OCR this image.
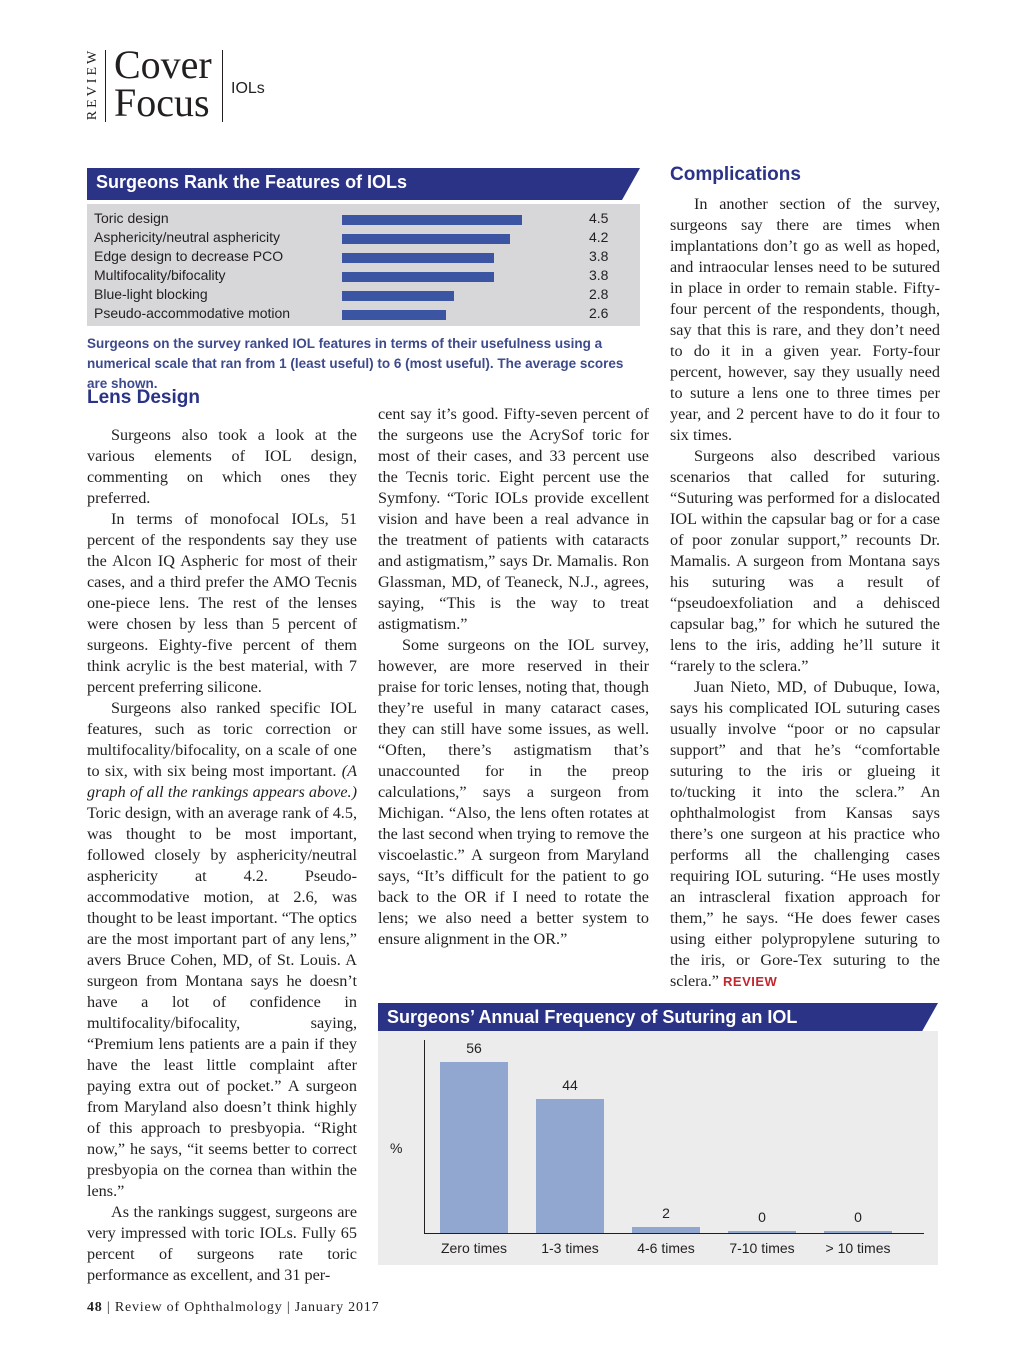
REVIEW Cover
Focus IOLs
Surgeons Rank the Features of IOLs
Toric design	4.5
Asphericity/neutral asphericity	4.2
Edge design to decrease PCO	3.8
Multifocality/bifocality	3.8
Blue-light blocking	2.8
Pseudo-accommodative motion	2.6
Surgeons on the survey ranked IOL features in terms of their usefulness using a numerical scale that ran from 1 (least useful) to 6 (most useful). The average scores are shown.
Lens Design

Surgeons also took a look at the various elements of IOL design, commenting on which ones they preferred.

In terms of monofocal IOLs, 51 percent of the respondents say they use the Alcon IQ Aspheric for most of their cases, and a third prefer the AMO Tecnis one-piece lens. The rest of the lenses were chosen by less than 5 percent of surgeons. Eighty-five percent of them think acrylic is the best material, with 7 percent preferring silicone.

Surgeons also ranked specific IOL features, such as toric correction or multifocality/bifocality, on a scale of one to six, with six being most important. (A graph of all the rankings appears above.) Toric design, with an average rank of 4.5, was thought to be most important, followed closely by asphericity/neutral asphericity at 4.2. Pseudo-accommodative motion, at 2.6, was thought to be least important. “The optics are the most important part of any lens,” avers Bruce Cohen, MD, of St. Louis. A surgeon from Montana says he doesn’t have a lot of confidence in multifocality/bifocality, saying, “Premium lens patients are a pain if they have the least little complaint after paying extra out of pocket.” A surgeon from Maryland also doesn’t think highly of this approach to presbyopia. “Right now,” he says, “it seems better to correct presbyopia on the cornea than within the lens.”

As the rankings suggest, surgeons are very impressed with toric IOLs. Fully 65 percent of surgeons rate toric performance as excellent, and 31 per-

cent say it’s good. Fifty-seven percent of the surgeons use the AcrySof toric for most of their cases, and 33 percent use the Tecnis toric. Eight percent use the Symfony. “Toric IOLs provide excellent vision and have been a real advance in the treatment of patients with cataracts and astigmatism,” says Dr. Mamalis. Ron Glassman, MD, of Teaneck, N.J., agrees, saying, “This is the way to treat astigmatism.”

Some surgeons on the IOL survey, however, are more reserved in their praise for toric lenses, noting that, though they’re useful in many cataract cases, they can still have some issues, as well. “Often, there’s astigmatism that’s unaccounted for in the preop calculations,” says a surgeon from Michigan. “Also, the lens often rotates at the last second when trying to remove the viscoelastic.” A surgeon from Maryland says, “It’s difficult for the patient to go back to the OR if I need to rotate the lens; we also need a better system to ensure alignment in the OR.”

Complications

In another section of the survey, surgeons say there are times when implantations don’t go as well as hoped, and intraocular lenses need to be sutured in place in order to remain stable. Fifty-four percent of the respondents, though, say that this is rare, and they don’t need to do it in a given year. Forty-four percent, however, say they usually need to suture a lens one to three times per year, and 2 percent have to do it four to six times.

Surgeons also described various scenarios that called for suturing. “Suturing was performed for a dislocated IOL within the capsular bag or for a case of poor zonular support,” recounts Dr. Mamalis. A surgeon from Montana says his suturing was a result of “pseudoexfoliation and a dehisced capsular bag,” for which he sutured the lens to the iris, adding he’ll suture it “rarely to the sclera.”

Juan Nieto, MD, of Dubuque, Iowa, says his complicated IOL suturing cases usually involve “poor or no capsular support” and that he’s “comfortable suturing to the iris or glueing it to/tucking it into the sclera.” An ophthalmologist from Kansas says there’s one surgeon at his practice who performs all the challenging cases requiring IOL suturing. “He uses mostly an intrascleral fixation approach for them,” he says. “He does fewer cases using either polypropylene suturing to the iris, or Gore-Tex suturing to the sclera.” REVIEW

Surgeons’ Annual Frequency of Suturing an IOL
%
56
Zero times
44
1-3 times
2
4-6 times
0
7-10 times
0
> 10 times
48 | Review of Ophthalmology | January 2017
